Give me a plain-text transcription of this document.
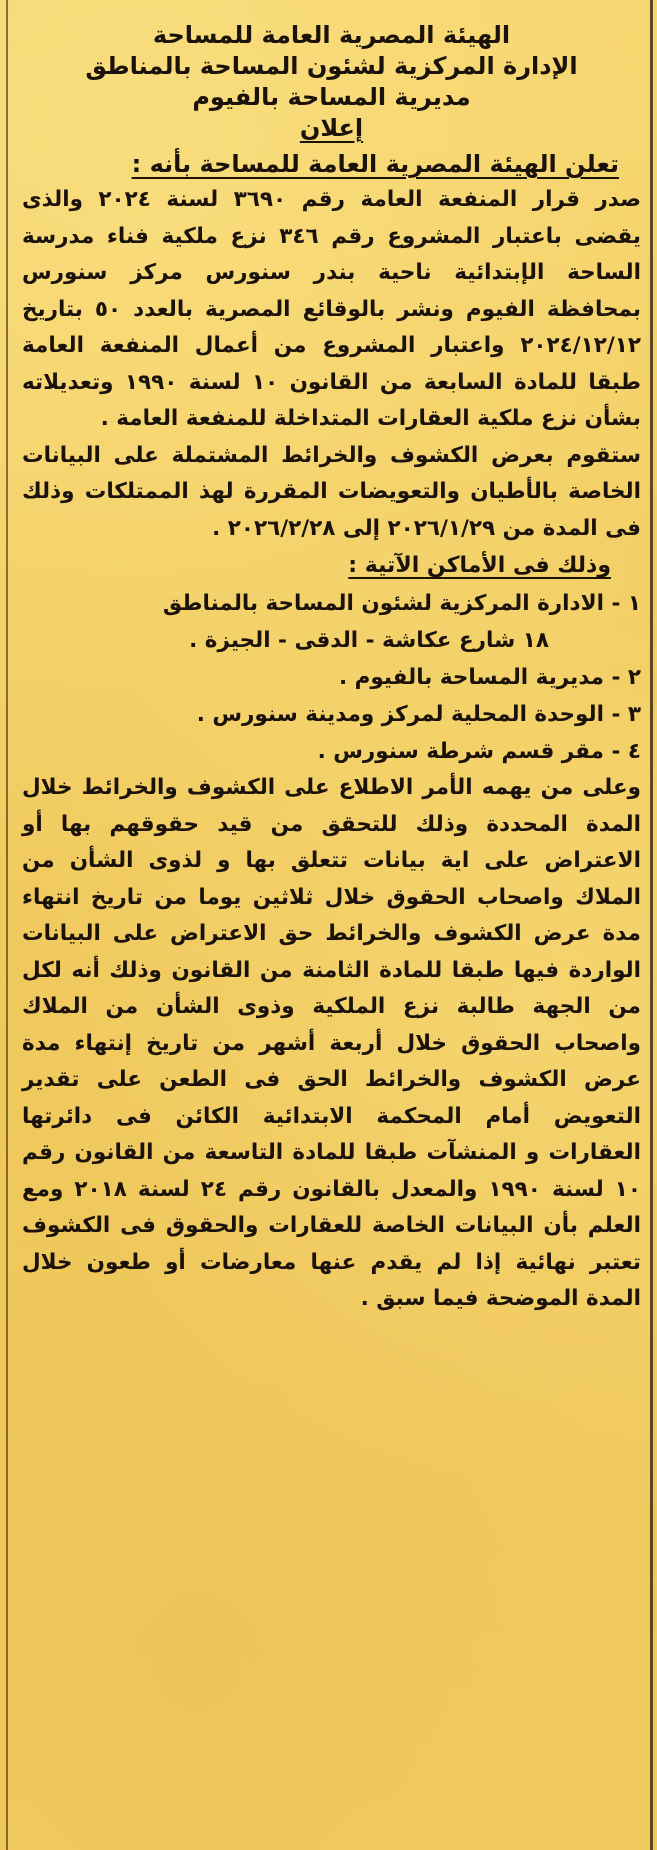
الهيئة المصرية العامة للمساحة
الإدارة المركزية لشئون المساحة بالمناطق
مديرية المساحة بالفيوم
إعلان
تعلن الهيئة المصرية العامة للمساحة بأنه :

صدر قرار المنفعة العامة رقم ٣٦٩٠ لسنة ٢٠٢٤ والذى يقضى باعتبار المشروع رقم ٣٤٦ نزع ملكية فناء مدرسة الساحة الإبتدائية ناحية بندر سنورس مركز سنورس بمحافظة الفيوم ونشر بالوقائع المصرية بالعدد ٥٠ بتاريخ ٢٠٢٤/١٢/١٢ واعتبار المشروع من أعمال المنفعة العامة طبقا للمادة السابعة من القانون ١٠ لسنة ١٩٩٠ وتعديلاته بشأن نزع ملكية العقارات المتداخلة للمنفعة العامة .

ستقوم بعرض الكشوف والخرائط المشتملة على البيانات الخاصة بالأطيان والتعويضات المقررة لهذ الممتلكات وذلك فى المدة من ٢٠٢٦/١/٢٩ إلى ٢٠٢٦/٢/٢٨ .

وذلك فى الأماكن الآتية :
١ - الادارة المركزية لشئون المساحة بالمناطق
١٨ شارع عكاشة - الدقى - الجيزة .
٢ - مديرية المساحة بالفيوم .
٣ - الوحدة المحلية لمركز ومدينة سنورس .
٤ - مقر قسم شرطة سنورس .

وعلى من يهمه الأمر الاطلاع على الكشوف والخرائط خلال المدة المحددة وذلك للتحقق من قيد حقوقهم بها أو الاعتراض على اية بيانات تتعلق بها و لذوى الشأن من الملاك واصحاب الحقوق خلال ثلاثين يوما من تاريخ انتهاء مدة عرض الكشوف والخرائط حق الاعتراض على البيانات الواردة فيها طبقا للمادة الثامنة من القانون وذلك أنه لكل من الجهة طالبة نزع الملكية وذوى الشأن من الملاك واصحاب الحقوق خلال أربعة أشهر من تاريخ إنتهاء مدة عرض الكشوف والخرائط الحق فى الطعن على تقدير التعويض أمام المحكمة الابتدائية الكائن فى دائرتها العقارات و المنشآت طبقا للمادة التاسعة من القانون رقم ١٠ لسنة ١٩٩٠ والمعدل بالقانون رقم ٢٤ لسنة ٢٠١٨ ومع العلم بأن البيانات الخاصة للعقارات والحقوق فى الكشوف تعتبر نهائية إذا لم يقدم عنها معارضات أو طعون خلال المدة الموضحة فيما سبق .
